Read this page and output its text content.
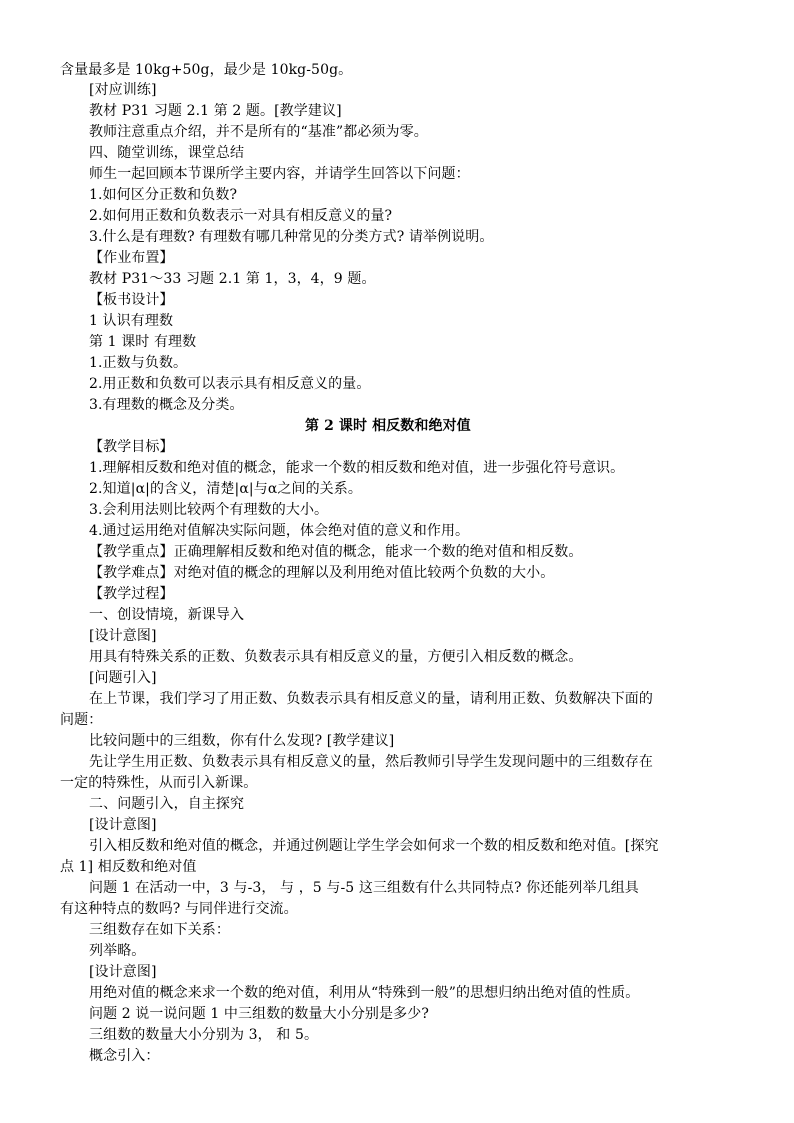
含量最多是 10kg+50g，最少是 10kg-50g。
[对应训练]
教材 P31 习题 2.1 第 2 题。[教学建议]
教师注意重点介绍，并不是所有的“基准”都必须为零。
四、随堂训练，课堂总结
师生一起回顾本节课所学主要内容，并请学生回答以下问题：
1.如何区分正数和负数?
2.如何用正数和负数表示一对具有相反意义的量?
3.什么是有理数? 有理数有哪几种常见的分类方式? 请举例说明。
【作业布置】
教材 P31～33 习题 2.1 第 1，3，4，9 题。
【板书设计】
1 认识有理数
第 1 课时 有理数
1.正数与负数。
2.用正数和负数可以表示具有相反意义的量。
3.有理数的概念及分类。
第 2 课时 相反数和绝对值
【教学目标】
1.理解相反数和绝对值的概念，能求一个数的相反数和绝对值，进一步强化符号意识。
2.知道|α|的含义，清楚|α|与α之间的关系。
3.会利用法则比较两个有理数的大小。
4.通过运用绝对值解决实际问题，体会绝对值的意义和作用。
【教学重点】正确理解相反数和绝对值的概念，能求一个数的绝对值和相反数。
【教学难点】对绝对值的概念的理解以及利用绝对值比较两个负数的大小。
【教学过程】
一、创设情境，新课导入
[设计意图]
用具有特殊关系的正数、负数表示具有相反意义的量，方便引入相反数的概念。
[问题引入]
在上节课，我们学习了用正数、负数表示具有相反意义的量，请利用正数、负数解决下面的
问题：
比较问题中的三组数，你有什么发现? [教学建议]
先让学生用正数、负数表示具有相反意义的量，然后教师引导学生发现问题中的三组数存在
一定的特殊性，从而引入新课。
二、问题引入，自主探究
[设计意图]
引入相反数和绝对值的概念，并通过例题让学生学会如何求一个数的相反数和绝对值。[探究
点 1] 相反数和绝对值
问题 1 在活动一中，3 与-3， 与 ，5 与-5 这三组数有什么共同特点? 你还能列举几组具
有这种特点的数吗? 与同伴进行交流。
三组数存在如下关系：
列举略。
[设计意图]
用绝对值的概念来求一个数的绝对值，利用从“特殊到一般”的思想归纳出绝对值的性质。
问题 2 说一说问题 1 中三组数的数量大小分别是多少?
三组数的数量大小分别为 3， 和 5。
概念引入：
